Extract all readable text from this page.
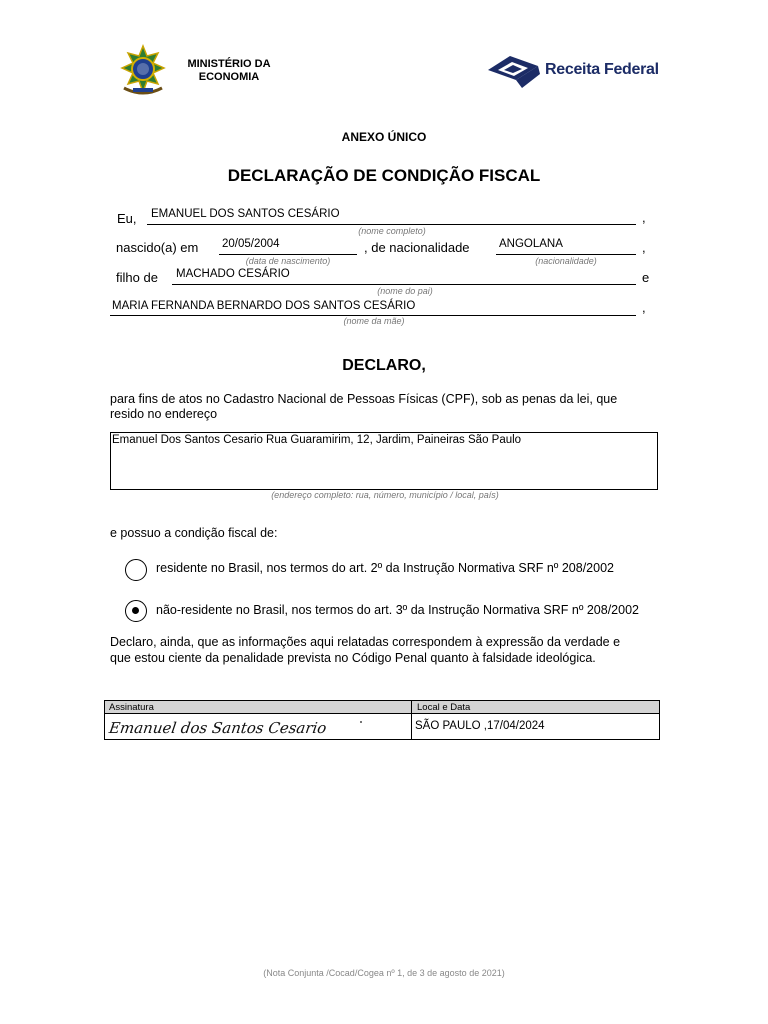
MINISTÉRIO DA ECONOMIA	Receita Federal
ANEXO ÚNICO
DECLARAÇÃO DE CONDIÇÃO FISCAL
Eu, EMANUEL DOS SANTOS CESÁRIO
(nome completo)
,
nascido(a) em 20/05/2004
(data de nascimento)
, de nacionalidade	ANGOLANA
(nacionalidade)
,
filho de MACHADO CESÁRIO
(nome do pai)
e
MARIA FERNANDA BERNARDO DOS SANTOS CESÁRIO
(nome da mãe)
,
DECLARO,
para fins de atos no Cadastro Nacional de Pessoas Físicas (CPF), sob as penas da lei, que
resido no endereço
Emanuel Dos Santos Cesario Rua Guaramirim, 12, Jardim, Paineiras São Paulo
(endereço completo: rua, número, município / local, país)
e possuo a condição fiscal de:
residente no Brasil, nos termos do art. 2º da Instrução Normativa SRF nº 208/2002
não-residente no Brasil, nos termos do art. 3º da Instrução Normativa SRF nº 208/2002
Declaro, ainda, que as informações aqui relatadas correspondem à expressão da verdade e
que estou ciente da penalidade prevista no Código Penal quanto à falsidade ideológica.
Assinatura	Local e Data
Emanuel dos Santos Cesario	SÃO PAULO ,17/04/2024
(Nota Conjunta /Cocad/Cogea nº 1, de 3 de agosto de 2021)
